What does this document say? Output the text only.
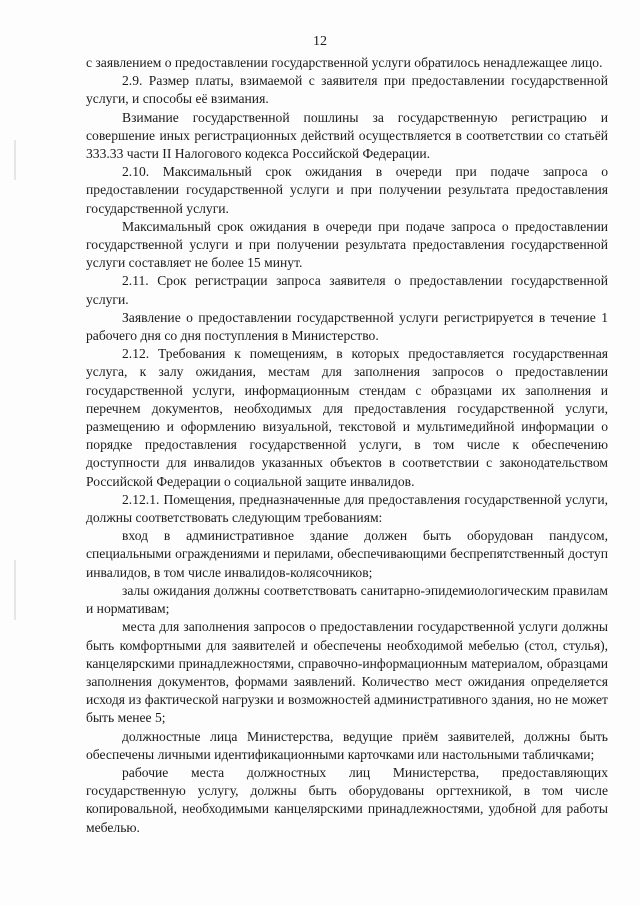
12

с заявлением о предоставлении государственной услуги обратилось ненадлежащее лицо.

2.9. Размер платы, взимаемой с заявителя при предоставлении государственной услуги, и способы её взимания.

Взимание государственной пошлины за государственную регистрацию и совершение иных регистрационных действий осуществляется в соответствии со статьёй 333.33 части II Налогового кодекса Российской Федерации.

2.10. Максимальный срок ожидания в очереди при подаче запроса о предоставлении государственной услуги и при получении результата предоставления государственной услуги.

Максимальный срок ожидания в очереди при подаче запроса о предоставлении государственной услуги и при получении результата предоставления государственной услуги составляет не более 15 минут.

2.11. Срок регистрации запроса заявителя о предоставлении государственной услуги.

Заявление о предоставлении государственной услуги регистрируется в течение 1 рабочего дня со дня поступления в Министерство.

2.12. Требования к помещениям, в которых предоставляется государственная услуга, к залу ожидания, местам для заполнения запросов о предоставлении государственной услуги, информационным стендам с образцами их заполнения и перечнем документов, необходимых для предоставления государственной услуги, размещению и оформлению визуальной, текстовой и мультимедийной информации о порядке предоставления государственной услуги, в том числе к обеспечению доступности для инвалидов указанных объектов в соответствии с законодательством Российской Федерации о социальной защите инвалидов.

2.12.1. Помещения, предназначенные для предоставления государственной услуги, должны соответствовать следующим требованиям:

вход в административное здание должен быть оборудован пандусом, специальными ограждениями и перилами, обеспечивающими беспрепятственный доступ инвалидов, в том числе инвалидов-колясочников;

залы ожидания должны соответствовать санитарно-эпидемиологическим правилам и нормативам;

места для заполнения запросов о предоставлении государственной услуги должны быть комфортными для заявителей и обеспечены необходимой мебелью (стол, стулья), канцелярскими принадлежностями, справочно-информационным материалом, образцами заполнения документов, формами заявлений. Количество мест ожидания определяется исходя из фактической нагрузки и возможностей административного здания, но не может быть менее 5;

должностные лица Министерства, ведущие приём заявителей, должны быть обеспечены личными идентификационными карточками или настольными табличками;

рабочие места должностных лиц Министерства, предоставляющих государственную услугу, должны быть оборудованы оргтехникой, в том числе копировальной, необходимыми канцелярскими принадлежностями, удобной для работы мебелью.
